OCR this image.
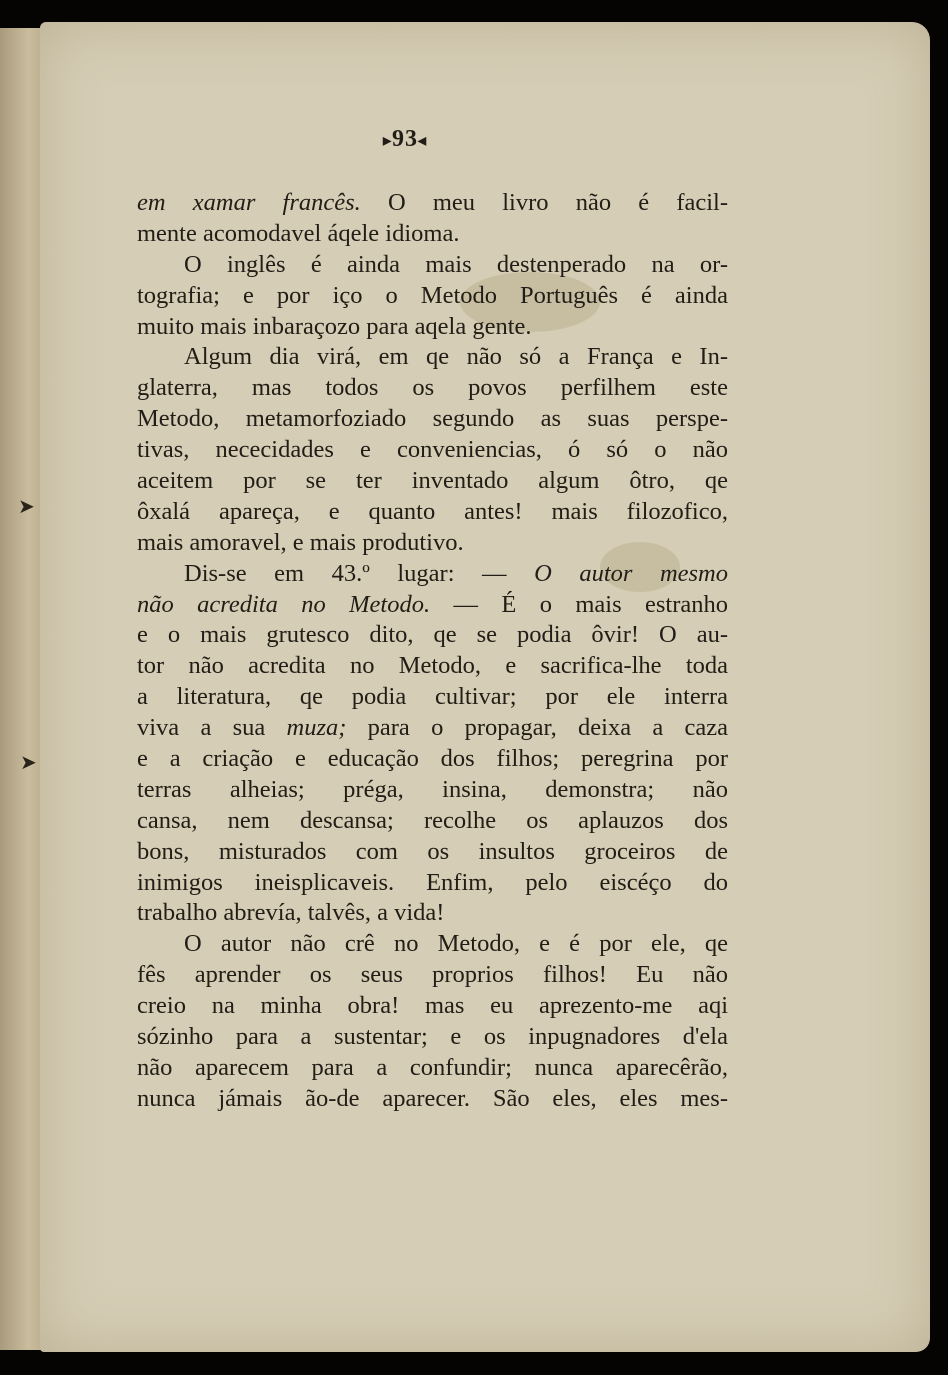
▸93◂
➤
➤
em xamar francês. O meu livro não é facil-
mente acomodavel áqele idioma.
O inglês é ainda mais destenperado na or-
tografia; e por iço o Metodo Português é ainda
muito mais inbaraçozo para aqela gente.
Algum dia virá, em qe não só a França e In-
glaterra, mas todos os povos perfilhem este
Metodo, metamorfoziado segundo as suas perspe-
tivas, nececidades e conveniencias, ó só o não
aceitem por se ter inventado algum ôtro, qe
ôxalá apareça, e quanto antes! mais filozofico,
mais amoravel, e mais produtivo.
Dis-se em 43.º lugar: — O autor mesmo
não acredita no Metodo. — É o mais estranho
e o mais grutesco dito, qe se podia ôvir! O au-
tor não acredita no Metodo, e sacrifica-lhe toda
a literatura, qe podia cultivar; por ele interra
viva a sua muza; para o propagar, deixa a caza
e a criação e educação dos filhos; peregrina por
terras alheias; préga, insina, demonstra; não
cansa, nem descansa; recolhe os aplauzos dos
bons, misturados com os insultos groceiros de
inimigos ineisplicaveis. Enfim, pelo eiscéço do
trabalho abrevía, talvês, a vida!
O autor não crê no Metodo, e é por ele, qe
fês aprender os seus proprios filhos! Eu não
creio na minha obra! mas eu aprezento-me aqi
sózinho para a sustentar; e os inpugnadores d'ela
não aparecem para a confundir; nunca aparecêrão,
nunca jámais ão-de aparecer. São eles, eles mes-
